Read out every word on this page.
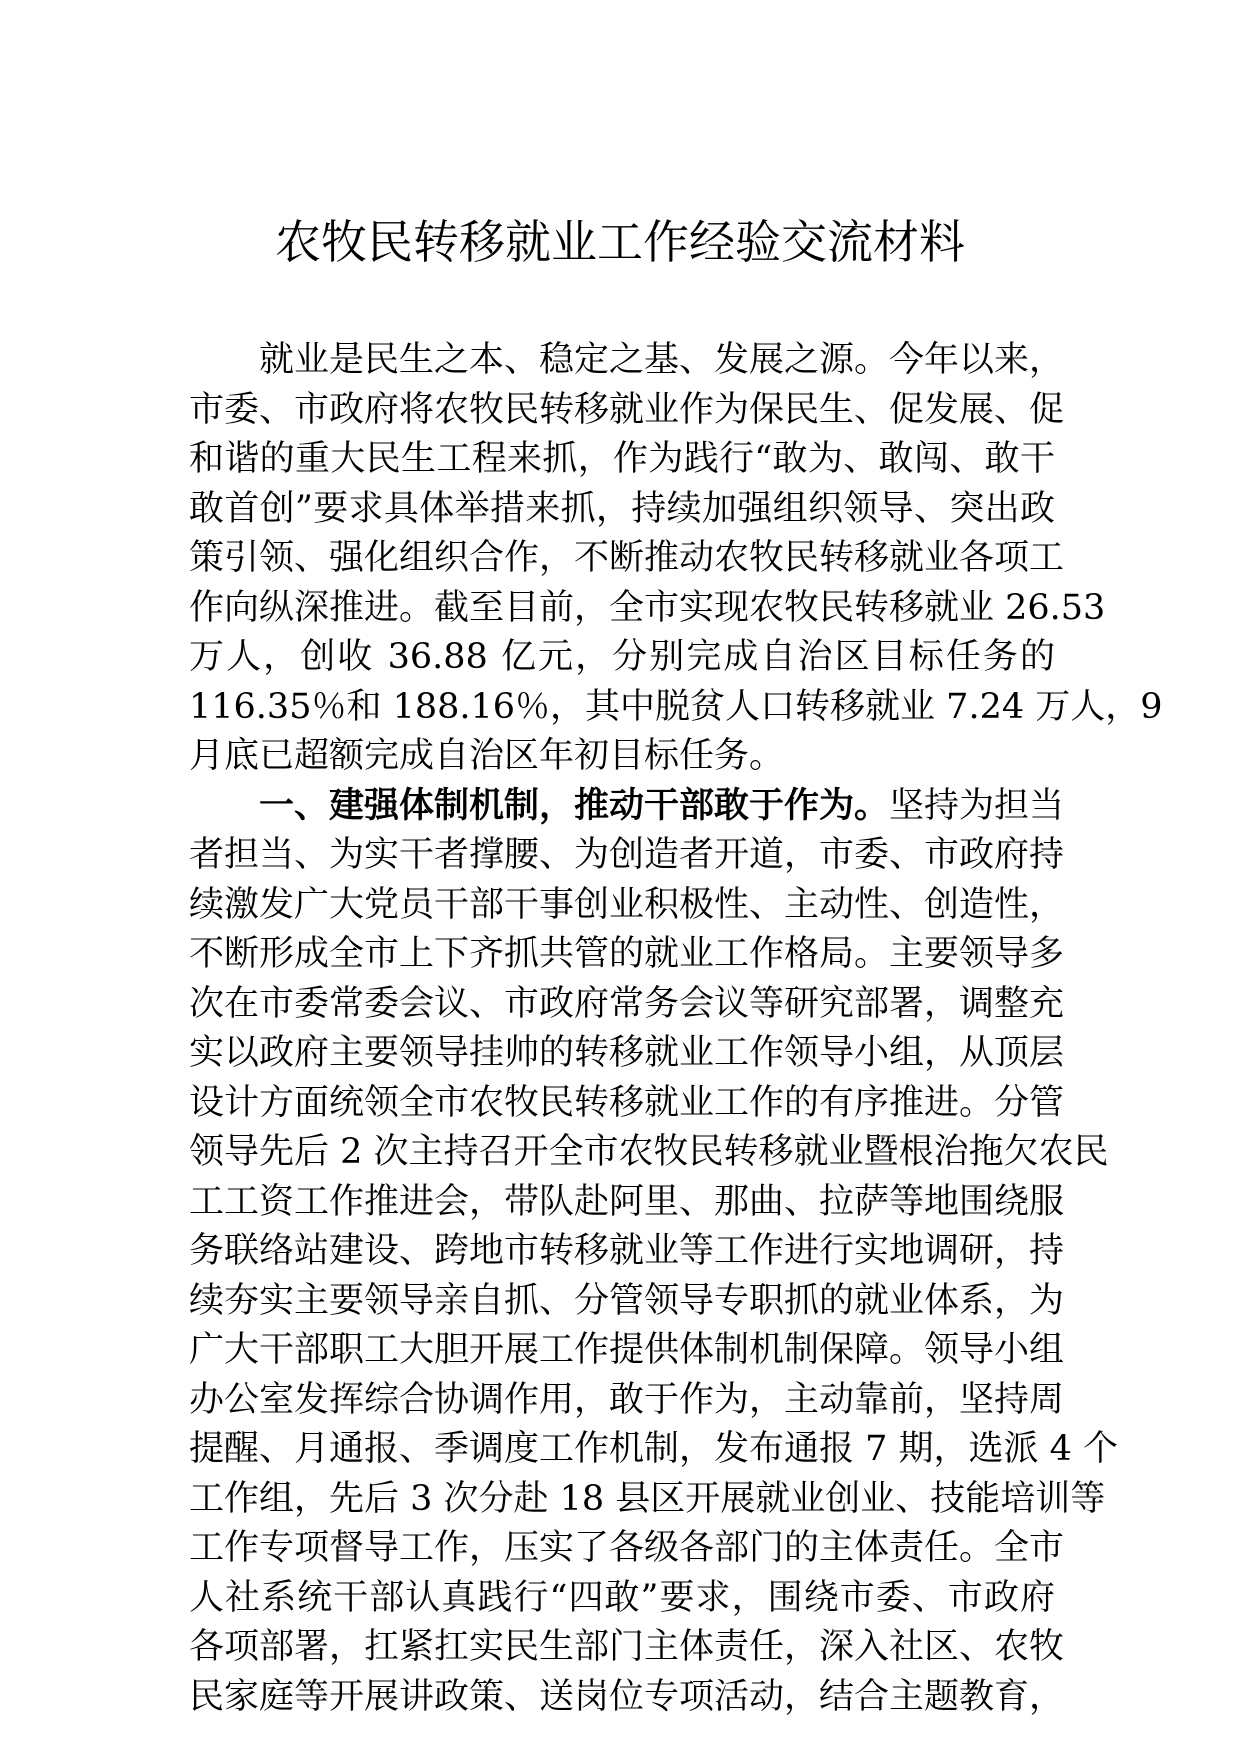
农牧民转移就业工作经验交流材料
就业是民生之本、稳定之基、发展之源。今年以来，
市委、市政府将农牧民转移就业作为保民生、促发展、促
和谐的重大民生工程来抓，作为践行“敢为、敢闯、敢干
敢首创”要求具体举措来抓，持续加强组织领导、突出政
策引领、强化组织合作，不断推动农牧民转移就业各项工
作向纵深推进。截至目前，全市实现农牧民转移就业 26.53
万人，创收 36.88 亿元，分别完成自治区目标任务的
116.35％和 188.16％，其中脱贫人口转移就业 7.24 万人，9
月底已超额完成自治区年初目标任务。
一、建强体制机制，推动干部敢于作为。坚持为担当
者担当、为实干者撑腰、为创造者开道，市委、市政府持
续激发广大党员干部干事创业积极性、主动性、创造性，
不断形成全市上下齐抓共管的就业工作格局。主要领导多
次在市委常委会议、市政府常务会议等研究部署，调整充
实以政府主要领导挂帅的转移就业工作领导小组，从顶层
设计方面统领全市农牧民转移就业工作的有序推进。分管
领导先后 2 次主持召开全市农牧民转移就业暨根治拖欠农民
工工资工作推进会，带队赴阿里、那曲、拉萨等地围绕服
务联络站建设、跨地市转移就业等工作进行实地调研，持
续夯实主要领导亲自抓、分管领导专职抓的就业体系，为
广大干部职工大胆开展工作提供体制机制保障。领导小组
办公室发挥综合协调作用，敢于作为，主动靠前，坚持周
提醒、月通报、季调度工作机制，发布通报 7 期，选派 4 个
工作组，先后 3 次分赴 18 县区开展就业创业、技能培训等
工作专项督导工作，压实了各级各部门的主体责任。全市
人社系统干部认真践行“四敢”要求，围绕市委、市政府
各项部署，扛紧扛实民生部门主体责任，深入社区、农牧
民家庭等开展讲政策、送岗位专项活动，结合主题教育，
